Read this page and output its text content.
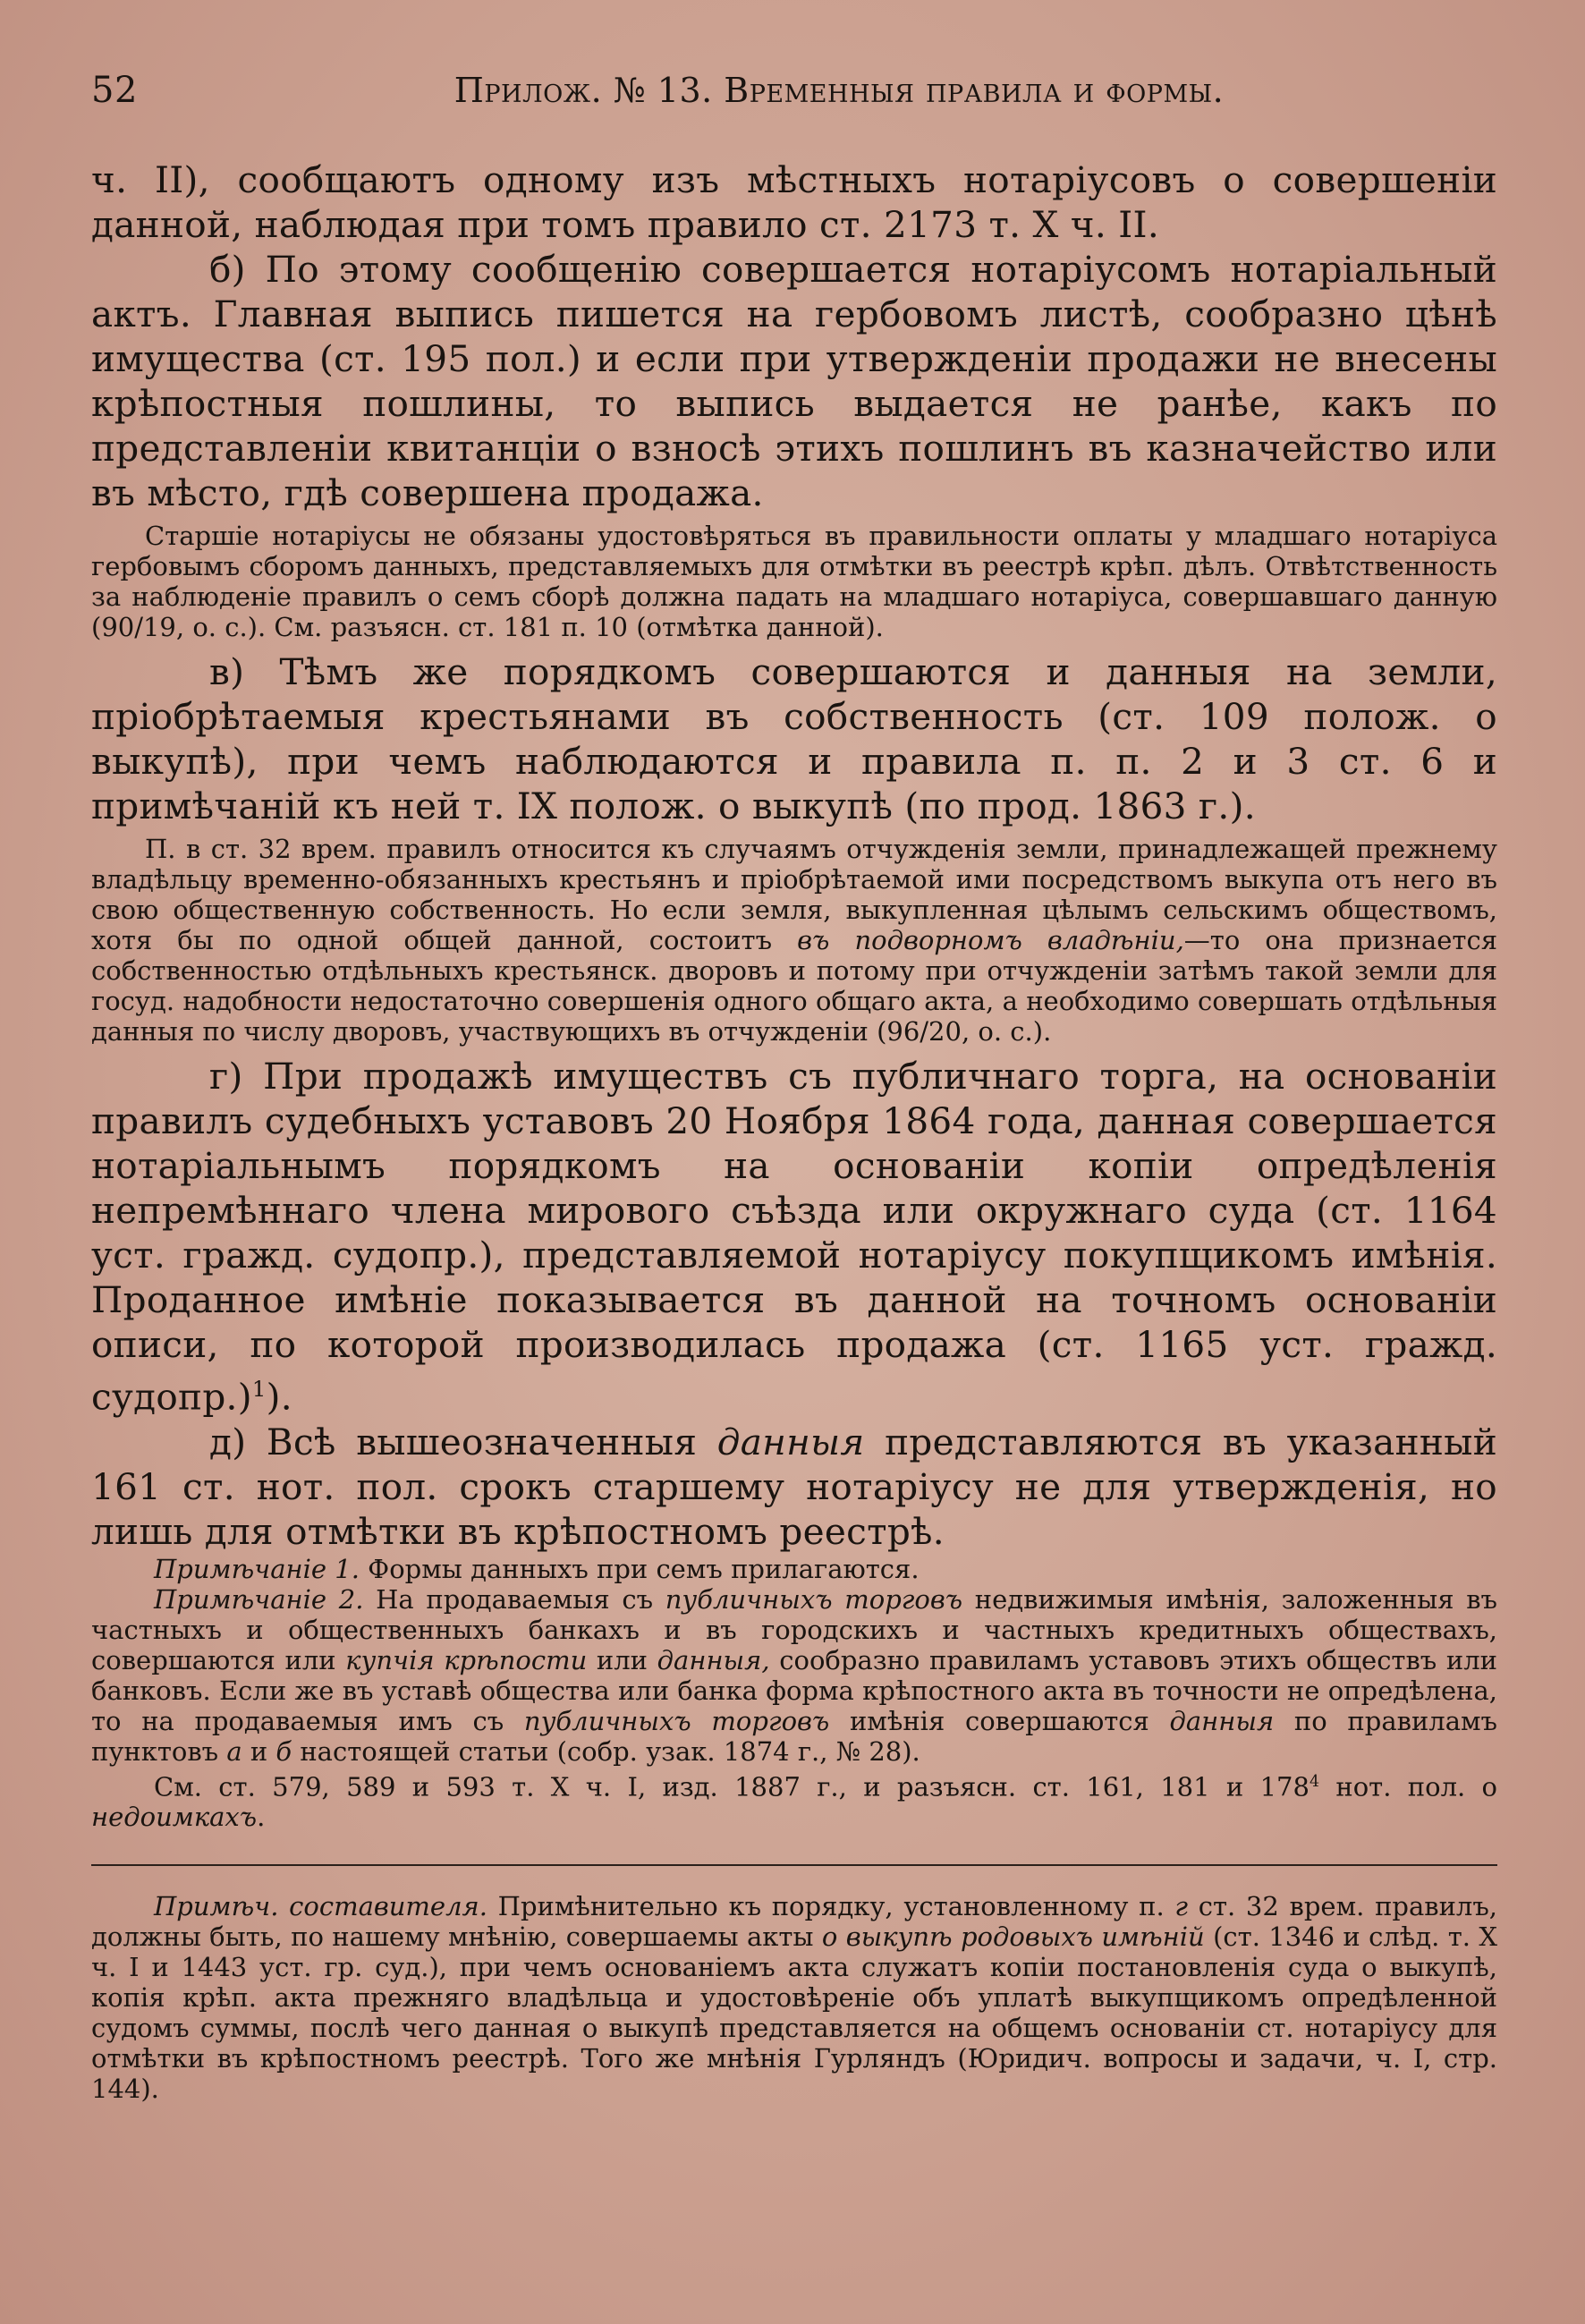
52	Прилож. № 13. Временныя правила и формы.

ч. II), сообщаютъ одному изъ мѣстныхъ нотаріусовъ о совершеніи данной, наблюдая при томъ правило ст. 2173 т. X ч. II.

б) По этому сообщенію совершается нотаріусомъ нотаріальный актъ. Главная выпись пишется на гербовомъ листѣ, сообразно цѣнѣ имущества (ст. 195 пол.) и если при утвержденіи продажи не внесены крѣпостныя пошлины, то выпись выдается не ранѣе, какъ по представленіи квитанціи о взносѣ этихъ пошлинъ въ казначейство или въ мѣсто, гдѣ совершена продажа.

Старшіе нотаріусы не обязаны удостовѣряться въ правильности оплаты у младшаго нотаріуса гербовымъ сборомъ данныхъ, представляемыхъ для отмѣтки въ реестрѣ крѣп. дѣлъ. Отвѣтственность за наблюденіе правилъ о семъ сборѣ должна падать на младшаго нотаріуса, совершавшаго данную (90/19, о. с.). См. разъясн. ст. 181 п. 10 (отмѣтка данной).

в) Тѣмъ же порядкомъ совершаются и данныя на земли, пріобрѣтаемыя крестьянами въ собственность (ст. 109 полож. о выкупѣ), при чемъ наблюдаются и правила п. п. 2 и 3 ст. 6 и примѣчаній къ ней т. IX полож. о выкупѣ (по прод. 1863 г.).

П. в ст. 32 врем. правилъ относится къ случаямъ отчужденія земли, принадлежащей прежнему владѣльцу временно-обязанныхъ крестьянъ и пріобрѣтаемой ими посредствомъ выкупа отъ него въ свою общественную собственность. Но если земля, выкупленная цѣлымъ сельскимъ обществомъ, хотя бы по одной общей данной, состоитъ въ подворномъ владѣніи,—то она признается собственностью отдѣльныхъ крестьянск. дворовъ и потому при отчужденіи затѣмъ такой земли для госуд. надобности недостаточно совершенія одного общаго акта, а необходимо совершать отдѣльныя данныя по числу дворовъ, участвующихъ въ отчужденіи (96/20, о. с.).

г) При продажѣ имуществъ съ публичнаго торга, на основаніи правилъ судебныхъ уставовъ 20 Ноября 1864 года, данная совершается нотаріальнымъ порядкомъ на основаніи копіи опредѣленія непремѣннаго члена мирового съѣзда или окружнаго суда (ст. 1164 уст. гражд. судопр.), представляемой нотаріусу покупщикомъ имѣнія. Проданное имѣніе показывается въ данной на точномъ основаніи описи, по которой производилась продажа (ст. 1165 уст. гражд. судопр.)$^1$).

д) Всѣ вышеозначенныя данныя представляются въ указанный 161 ст. нот. пол. срокъ старшему нотаріусу не для утвержденія, но лишь для отмѣтки въ крѣпостномъ реестрѣ.

Примѣчаніе 1. Формы данныхъ при семъ прилагаются.

Примѣчаніе 2. На продаваемыя съ публичныхъ торговъ недвижимыя имѣнія, заложенныя въ частныхъ и общественныхъ банкахъ и въ городскихъ и частныхъ кредитныхъ обществахъ, совершаются или купчія крѣпости или данныя, сообразно правиламъ уставовъ этихъ обществъ или банковъ. Если же въ уставѣ общества или банка форма крѣпостного акта въ точности не опредѣлена, то на продаваемыя имъ съ публичныхъ торговъ имѣнія совершаются данныя по правиламъ пунктовъ а и б настоящей статьи (собр. узак. 1874 г., № 28).

См. ст. 579, 589 и 593 т. X ч. I, изд. 1887 г., и разъясн. ст. 161, 181 и $178^4$ нот. пол. о недоимкахъ.

Примѣч. составителя. Примѣнительно къ порядку, установленному п. г ст. 32 врем. правилъ, должны быть, по нашему мнѣнію, совершаемы акты о выкупѣ родовыхъ имѣній (ст. 1346 и слѣд. т. X ч. I и 1443 уст. гр. суд.), при чемъ основаніемъ акта служатъ копіи постановленія суда о выкупѣ, копія крѣп. акта прежняго владѣльца и удостовѣреніе объ уплатѣ выкупщикомъ опредѣленной судомъ суммы, послѣ чего данная о выкупѣ представляется на общемъ основаніи ст. нотаріусу для отмѣтки въ крѣпостномъ реестрѣ. Того же мнѣнія Гурляндъ (Юридич. вопросы и задачи, ч. I, стр. 144).
